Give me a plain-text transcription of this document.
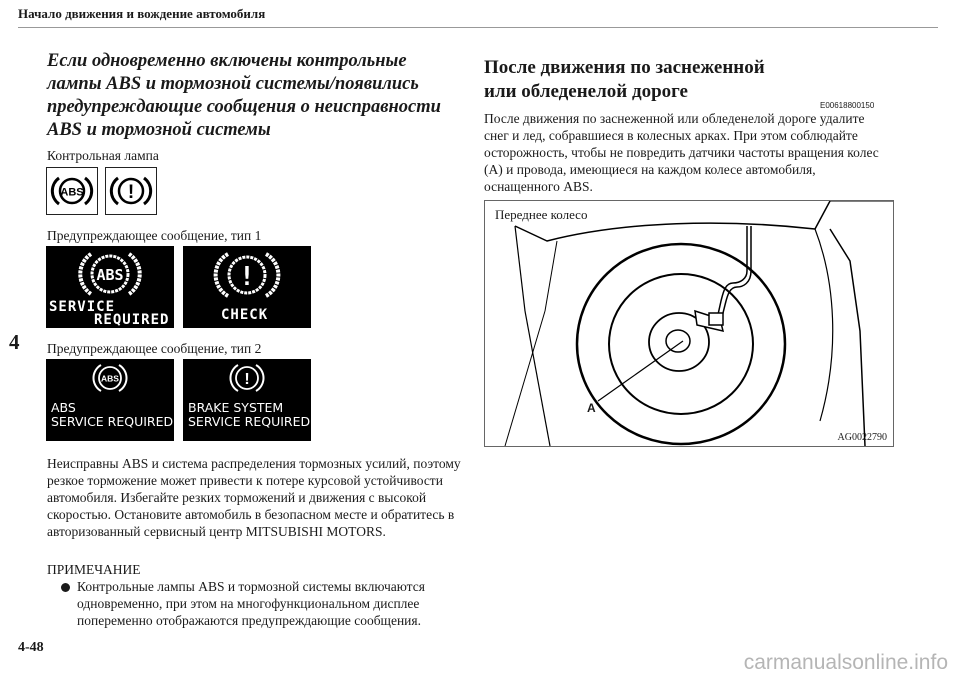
Начало движения и вождение автомобиля
4
4-48
Если одновременно включены контрольные лампы ABS и тормозной системы/появились предупреждающие сообщения о неисправности ABS и тормозной системы
Контрольная лампа
ABS !
Предупреждающее сообщение, тип 1
ABS
SERVICE
REQUIRED
!
CHECK
Предупреждающее сообщение, тип 2
ABS
ABS
SERVICE REQUIRED
!
BRAKE SYSTEM
SERVICE REQUIRED
Неисправны ABS и система распределения тормозных усилий, поэтому резкое торможение может привести к потере курсовой устойчивости автомобиля. Избегайте резких торможений и движения с высокой скоростью. Остановите автомобиль в безопасном месте и обратитесь в авторизованный сервисный центр MITSUBISHI MOTORS.
ПРИМЕЧАНИЕ
Контрольные лампы ABS и тормозной системы включаются одновременно, при этом на многофункциональном дисплее попеременно отображаются предупреждающие сообщения.
После движения по заснеженной или обледенелой дороге
E00618800150
После движения по заснеженной или обледенелой дороге удалите снег и лед, собравшиеся в колесных арках. При этом соблюдайте осторожность, чтобы не повредить датчики частоты вращения колес (A) и провода, имеющиеся на каждом колесе автомобиля, оснащенного ABS.
Переднее колесо
A
AG0022790
carmanualsonline.info
